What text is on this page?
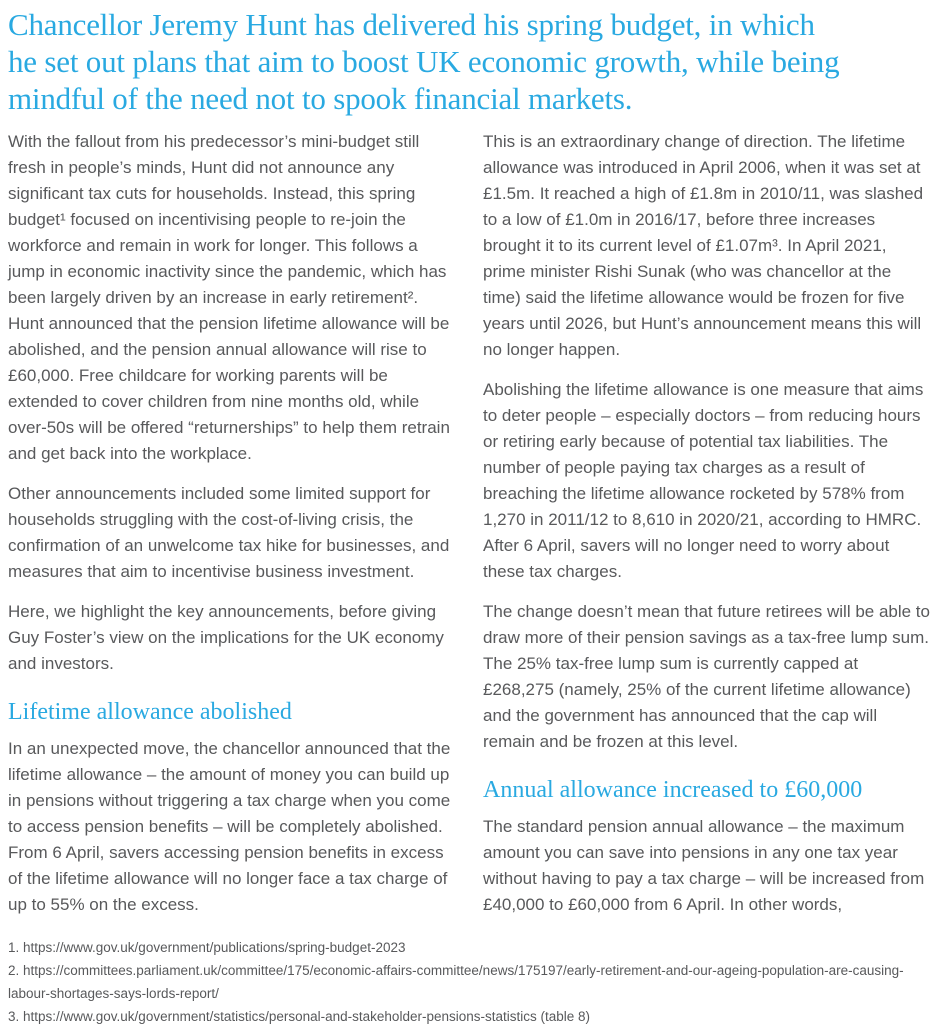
Chancellor Jeremy Hunt has delivered his spring budget, in which
he set out plans that aim to boost UK economic growth, while being
mindful of the need not to spook financial markets.

With the fallout from his predecessor’s mini-budget still fresh in people’s minds, Hunt did not announce any significant tax cuts for households. Instead, this spring budget¹ focused on incentivising people to re-join the workforce and remain in work for longer. This follows a jump in economic inactivity since the pandemic, which has been largely driven by an increase in early retirement². Hunt announced that the pension lifetime allowance will be abolished, and the pension annual allowance will rise to £60,000. Free childcare for working parents will be extended to cover children from nine months old, while over-50s will be offered “returnerships” to help them retrain and get back into the workplace.

Other announcements included some limited support for households struggling with the cost-of-living crisis, the confirmation of an unwelcome tax hike for businesses, and measures that aim to incentivise business investment.

Here, we highlight the key announcements, before giving Guy Foster’s view on the implications for the UK economy and investors.

Lifetime allowance abolished

In an unexpected move, the chancellor announced that the lifetime allowance – the amount of money you can build up in pensions without triggering a tax charge when you come to access pension benefits – will be completely abolished. From 6 April, savers accessing pension benefits in excess of the lifetime allowance will no longer face a tax charge of up to 55% on the excess.

This is an extraordinary change of direction. The lifetime allowance was introduced in April 2006, when it was set at £1.5m. It reached a high of £1.8m in 2010/11, was slashed to a low of £1.0m in 2016/17, before three increases brought it to its current level of £1.07m³. In April 2021, prime minister Rishi Sunak (who was chancellor at the time) said the lifetime allowance would be frozen for five years until 2026, but Hunt’s announcement means this will no longer happen.

Abolishing the lifetime allowance is one measure that aims to deter people – especially doctors – from reducing hours or retiring early because of potential tax liabilities. The number of people paying tax charges as a result of breaching the lifetime allowance rocketed by 578% from 1,270 in 2011/12 to 8,610 in 2020/21, according to HMRC. After 6 April, savers will no longer need to worry about these tax charges.

The change doesn’t mean that future retirees will be able to draw more of their pension savings as a tax-free lump sum. The 25% tax-free lump sum is currently capped at £268,275 (namely, 25% of the current lifetime allowance) and the government has announced that the cap will remain and be frozen at this level.

Annual allowance increased to £60,000

The standard pension annual allowance – the maximum amount you can save into pensions in any one tax year without having to pay a tax charge – will be increased from £40,000 to £60,000 from 6 April. In other words,

1. https://www.gov.uk/government/publications/spring-budget-2023

2. https://committees.parliament.uk/committee/175/economic-affairs-committee/news/175197/early-retirement-and-our-ageing-population-are-causing-labour-shortages-says-lords-report/

3. https://www.gov.uk/government/statistics/personal-and-stakeholder-pensions-statistics (table 8)
